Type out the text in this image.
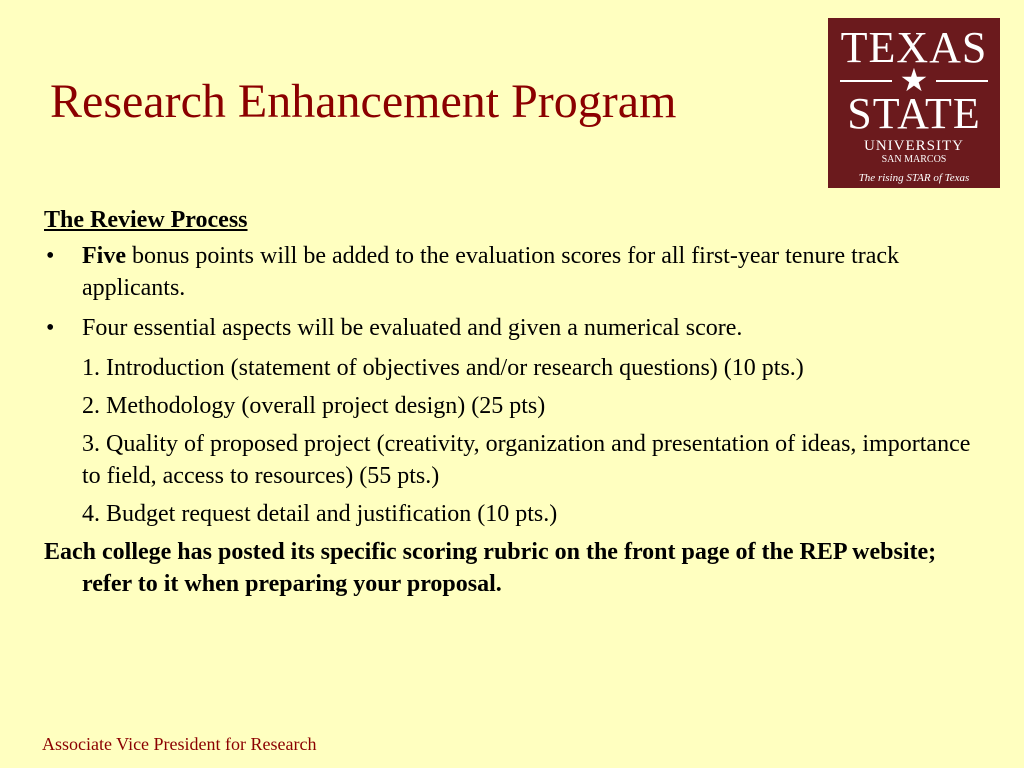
Research Enhancement Program
TEXAS
★
STATE
UNIVERSITY
SAN MARCOS
The rising STAR of Texas
The Review Process
• Five bonus points will be added to the evaluation scores for all first-year tenure track applicants.
• Four essential aspects will be evaluated and given a numerical score.
1. Introduction (statement of objectives and/or research questions) (10 pts.)
2. Methodology (overall project design) (25 pts)
3. Quality of proposed project (creativity, organization and presentation of ideas, importance to field, access to resources) (55 pts.)
4. Budget request detail and justification (10 pts.)
Each college has posted its specific scoring rubric on the front page of the REP website; refer to it when preparing your proposal.
Associate Vice President for Research
